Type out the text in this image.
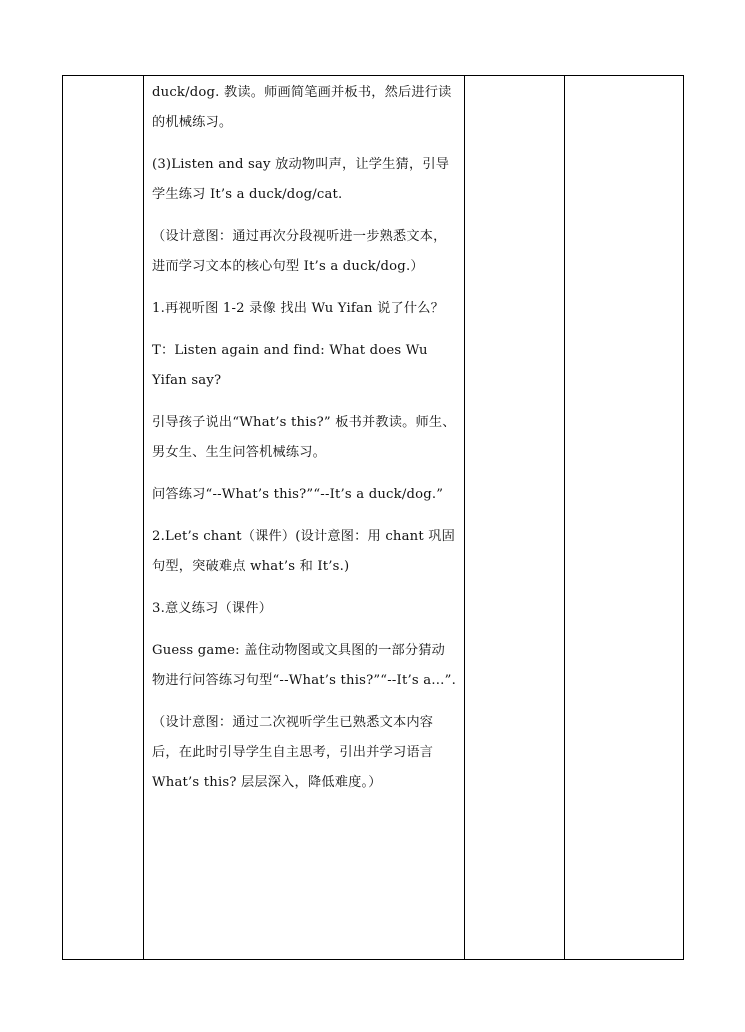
duck/dog. 教读。师画简笔画并板书，然后进行读的机械练习。

(3)Listen and say 放动物叫声，让学生猜，引导学生练习 It’s a duck/dog/cat.

（设计意图：通过再次分段视听进一步熟悉文本，进而学习文本的核心句型 It’s a duck/dog.）

1.再视听图 1-2 录像 找出 Wu Yifan 说了什么？

T：Listen again and find: What does Wu Yifan say?

引导孩子说出“What’s this?” 板书并教读。师生、男女生、生生问答机械练习。

问答练习“--What’s this?”“--It’s a duck/dog.”

2.Let’s chant（课件）(设计意图：用 chant 巩固句型，突破难点 what’s 和 It’s.)

3.意义练习（课件）

Guess game: 盖住动物图或文具图的一部分猜动物进行问答练习句型“--What’s this?”“--It’s a…”.

（设计意图：通过二次视听学生已熟悉文本内容后，在此时引导学生自主思考，引出并学习语言 What’s this? 层层深入，降低难度。）
